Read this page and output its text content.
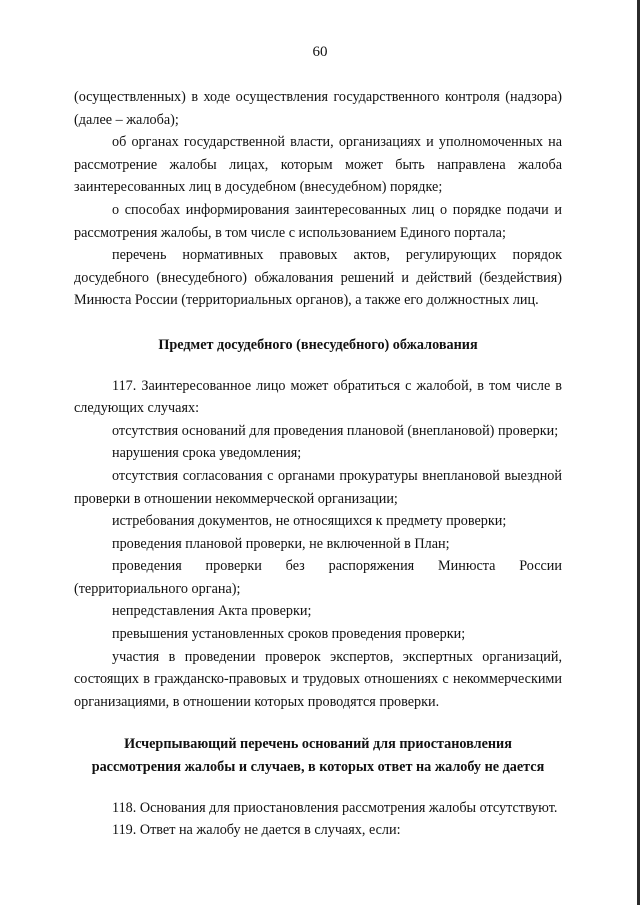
60

(осуществленных) в ходе осуществления государственного контроля (надзора) (далее – жалоба);

об органах государственной власти, организациях и уполномоченных на рассмотрение жалобы лицах, которым может быть направлена жалоба заинтересованных лиц в досудебном (внесудебном) порядке;

о способах информирования заинтересованных лиц о порядке подачи и рассмотрения жалобы, в том числе с использованием Единого портала;

перечень нормативных правовых актов, регулирующих порядок досудебного (внесудебного) обжалования решений и действий (бездействия) Минюста России (территориальных органов), а также его должностных лиц.

Предмет досудебного (внесудебного) обжалования

117. Заинтересованное лицо может обратиться с жалобой, в том числе в следующих случаях:

отсутствия оснований для проведения плановой (внеплановой) проверки;

нарушения срока уведомления;

отсутствия согласования с органами прокуратуры внеплановой выездной проверки в отношении некоммерческой организации;

истребования документов, не относящихся к предмету проверки;

проведения плановой проверки, не включенной в План;

проведения проверки без распоряжения Минюста России (территориального органа);

непредставления Акта проверки;

превышения установленных сроков проведения проверки;

участия в проведении проверок экспертов, экспертных организаций, состоящих в гражданско-правовых и трудовых отношениях с некоммерческими организациями, в отношении которых проводятся проверки.

Исчерпывающий перечень оснований для приостановления

рассмотрения жалобы и случаев, в которых ответ на жалобу не дается

118. Основания для приостановления рассмотрения жалобы отсутствуют.

119. Ответ на жалобу не дается в случаях, если:
